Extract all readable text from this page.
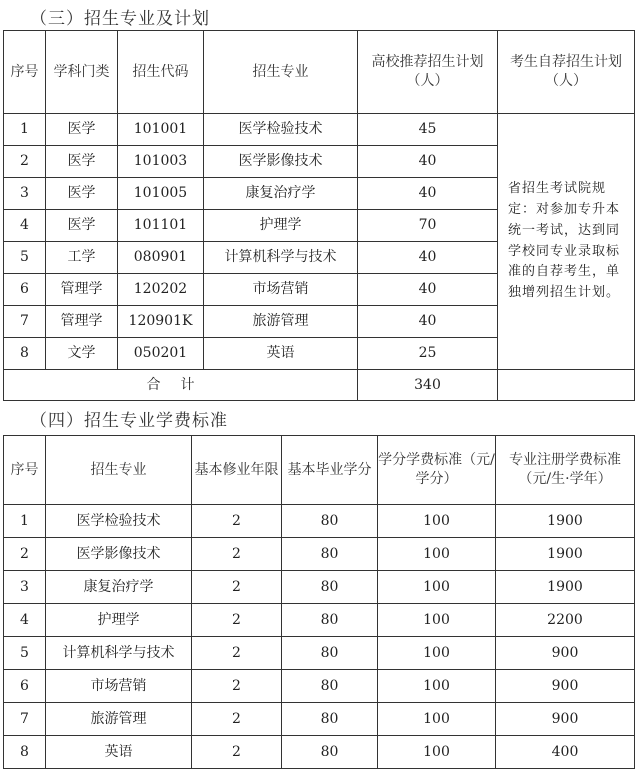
（三）招生专业及计划
序号	学科门类	招生代码	招生专业	高校推荐招生计划（人）	考生自荐招生计划（人）
1	医学	101001	医学检验技术	45	省招生考试院规定：对参加专升本统一考试，达到同学校同专业录取标准的自荐考生，单独增列招生计划。
2	医学	101003	医学影像技术	40	
3	医学	101005	康复治疗学	40	
4	医学	101101	护理学	70	
5	工学	080901	计算机科学与技术	40	
6	管理学	120202	市场营销	40	
7	管理学	120901K	旅游管理	40	
8	文学	050201	英语	25	
合计				340	
（四）招生专业学费标准
序号	招生专业	基本修业年限	基本毕业学分	学分学费标准（元/学分）	专业注册学费标准（元/生·学年）
1	医学检验技术	2	80	100	1900
2	医学影像技术	2	80	100	1900
3	康复治疗学	2	80	100	1900
4	护理学	2	80	100	2200
5	计算机科学与技术	2	80	100	900
6	市场营销	2	80	100	900
7	旅游管理	2	80	100	900
8	英语	2	80	100	400
